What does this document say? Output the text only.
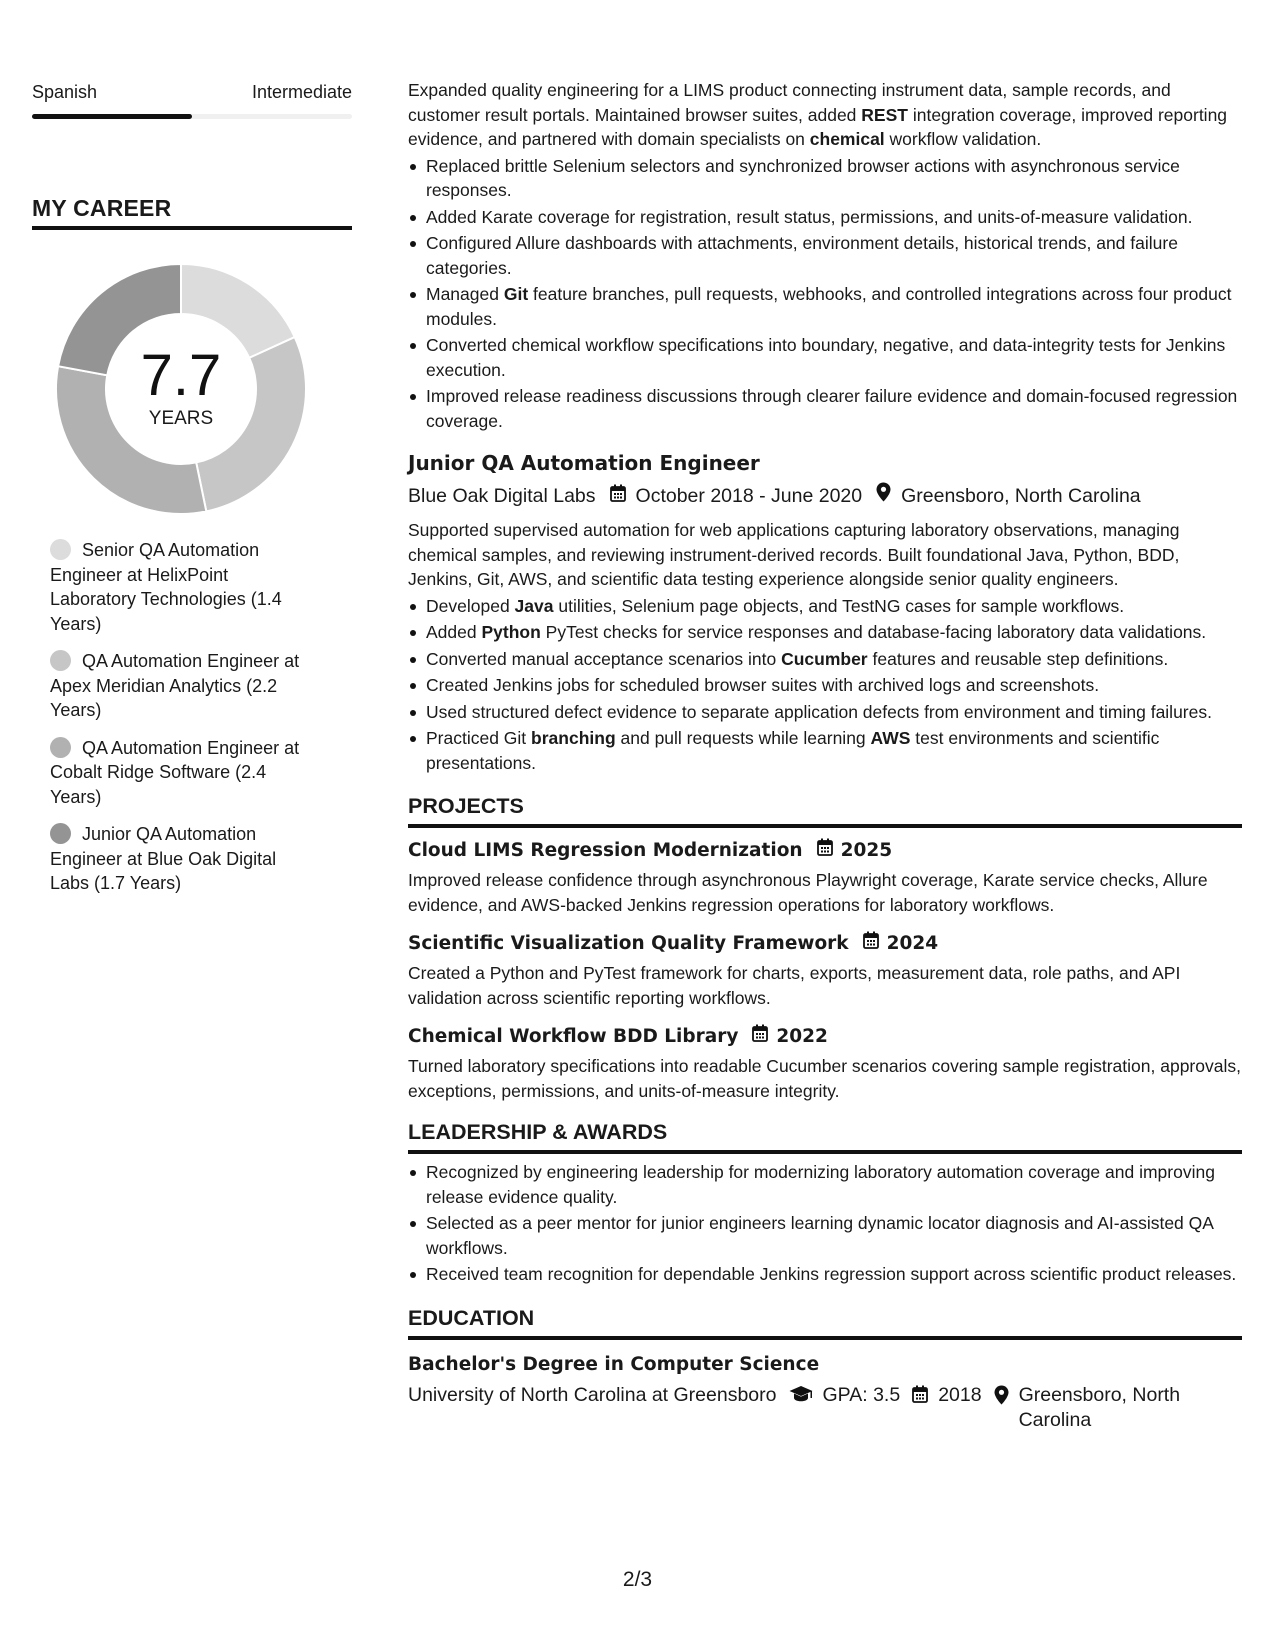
Spanish	Intermediate
MY CAREER
7.7
YEARS
Senior QA Automation Engineer at HelixPoint Laboratory Technologies (1.4 Years)
QA Automation Engineer at Apex Meridian Analytics (2.2 Years)
QA Automation Engineer at Cobalt Ridge Software (2.4 Years)
Junior QA Automation Engineer at Blue Oak Digital Labs (1.7 Years)

Expanded quality engineering for a LIMS product connecting instrument data, sample records, and customer result portals. Maintained browser suites, added REST integration coverage, improved reporting evidence, and partnered with domain specialists on chemical workflow validation.

Replaced brittle Selenium selectors and synchronized browser actions with asynchronous service responses.
Added Karate coverage for registration, result status, permissions, and units-of-measure validation.
Configured Allure dashboards with attachments, environment details, historical trends, and failure categories.
Managed Git feature branches, pull requests, webhooks, and controlled integrations across four product modules.
Converted chemical workflow specifications into boundary, negative, and data-integrity tests for Jenkins execution.
Improved release readiness discussions through clearer failure evidence and domain-focused regression coverage.
Junior QA Automation Engineer
Blue Oak Digital Labs October 2018 - June 2020 Greensboro, North Carolina

Supported supervised automation for web applications capturing laboratory observations, managing chemical samples, and reviewing instrument-derived records. Built foundational Java, Python, BDD, Jenkins, Git, AWS, and scientific data testing experience alongside senior quality engineers.

Developed Java utilities, Selenium page objects, and TestNG cases for sample workflows.
Added Python PyTest checks for service responses and database-facing laboratory data validations.
Converted manual acceptance scenarios into Cucumber features and reusable step definitions.
Created Jenkins jobs for scheduled browser suites with archived logs and screenshots.
Used structured defect evidence to separate application defects from environment and timing failures.
Practiced Git branching and pull requests while learning AWS test environments and scientific presentations.
PROJECTS
Cloud LIMS Regression Modernization 2025

Improved release confidence through asynchronous Playwright coverage, Karate service checks, Allure evidence, and AWS-backed Jenkins regression operations for laboratory workflows.

Scientific Visualization Quality Framework 2024

Created a Python and PyTest framework for charts, exports, measurement data, role paths, and API validation across scientific reporting workflows.

Chemical Workflow BDD Library 2022

Turned laboratory specifications into readable Cucumber scenarios covering sample registration, approvals, exceptions, permissions, and units-of-measure integrity.

LEADERSHIP & AWARDS
Recognized by engineering leadership for modernizing laboratory automation coverage and improving release evidence quality.
Selected as a peer mentor for junior engineers learning dynamic locator diagnosis and AI-assisted QA workflows.
Received team recognition for dependable Jenkins regression support across scientific product releases.
EDUCATION
Bachelor's Degree in Computer Science
University of North Carolina at Greensboro GPA: 3.5 2018 Greensboro, North Carolina
2/3
